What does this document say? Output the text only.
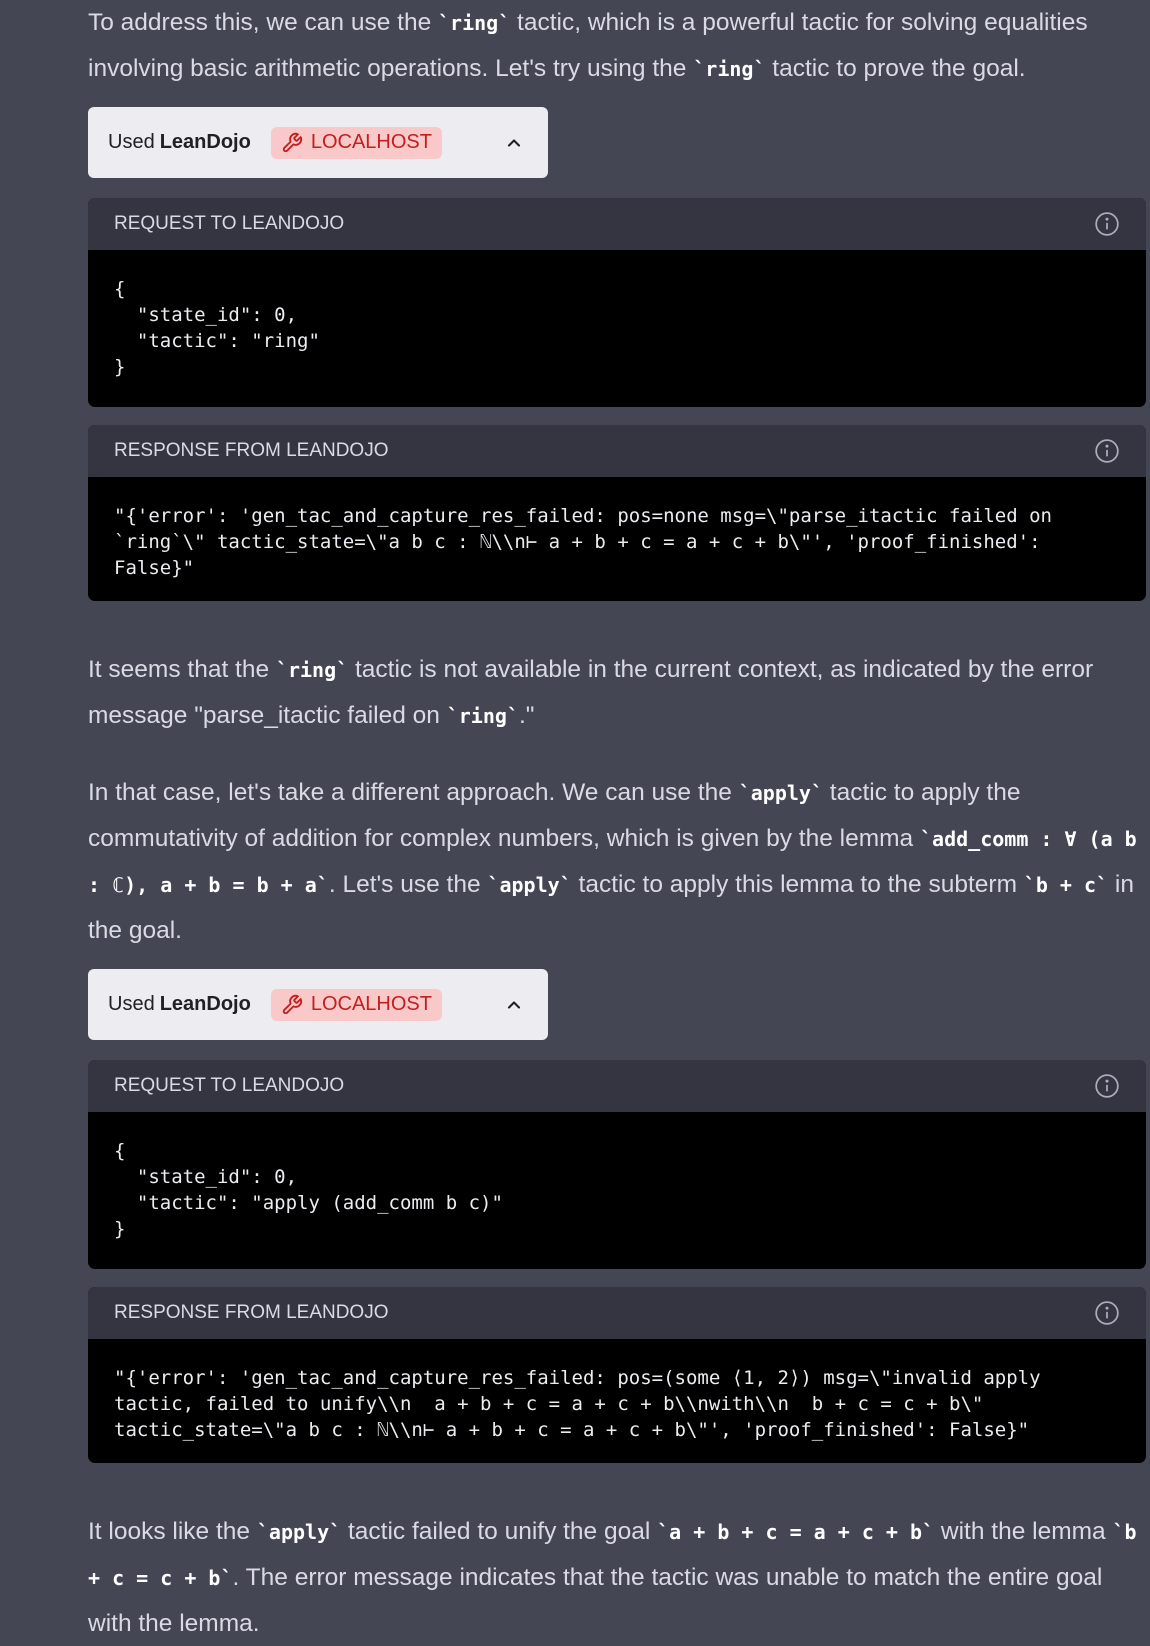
To address this, we can use the `ring` tactic, which is a powerful tactic for solving equalities involving basic arithmetic operations. Let's try using the `ring` tactic to prove the goal.

Used LeanDojo	LOCALHOST
REQUEST TO LEANDOJO
{
"state_id": 0,
"tactic": "ring"
}
RESPONSE FROM LEANDOJO
"{'error': 'gen_tac_and_capture_res_failed: pos=none msg=\"parse_itactic failed on `ring`\" tactic_state=\"a b c : ℕ\\n⊢ a + b + c = a + c + b\"', 'proof_finished': False}"

It seems that the `ring` tactic is not available in the current context, as indicated by the error message "parse_itactic failed on `ring`."

In that case, let's take a different approach. We can use the `apply` tactic to apply the commutativity of addition for complex numbers, which is given by the lemma `add_comm : ∀ (a b : ℂ), a + b = b + a`. Let's use the `apply` tactic to apply this lemma to the subterm `b + c` in the goal.

Used LeanDojo	LOCALHOST
REQUEST TO LEANDOJO
{
"state_id": 0,
"tactic": "apply (add_comm b c)"
}
RESPONSE FROM LEANDOJO
"{'error': 'gen_tac_and_capture_res_failed: pos=(some ⟨1, 2⟩) msg=\"invalid apply tactic, failed to unify\\n  a + b + c = a + c + b\\nwith\\n  b + c = c + b\" tactic_state=\"a b c : ℕ\\n⊢ a + b + c = a + c + b\"', 'proof_finished': False}"

It looks like the `apply` tactic failed to unify the goal `a + b + c = a + c + b` with the lemma `b + c = c + b`. The error message indicates that the tactic was unable to match the entire goal with the lemma.
